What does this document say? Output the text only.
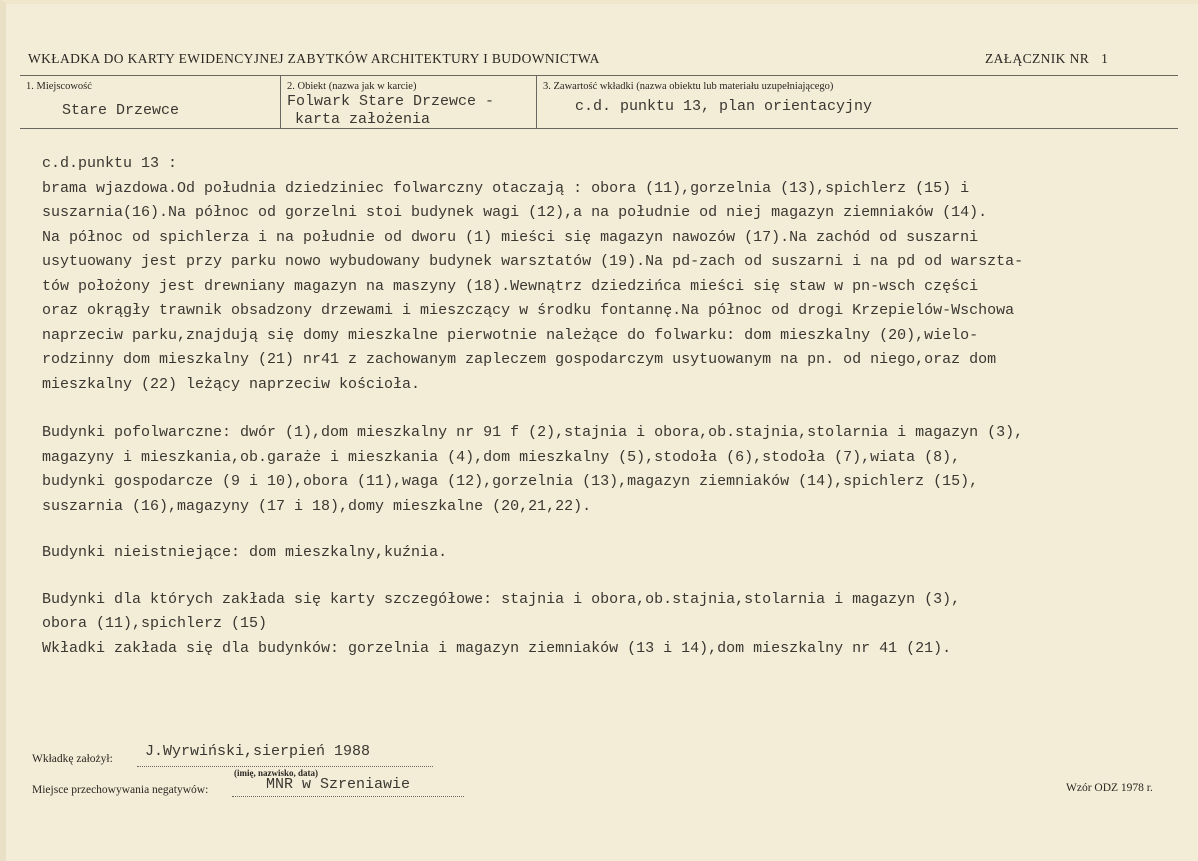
WKŁADKA DO KARTY EWIDENCYJNEJ ZABYTKÓW ARCHITEKTURY I BUDOWNICTWA	ZAŁĄCZNIK NR 1
1. Miejscowość
Stare Drzewce
2. Obiekt (nazwa jak w karcie)
Folwark Stare Drzewce -
karta założenia
3. Zawartość wkładki (nazwa obiektu lub materiału uzupełniającego)
c.d. punktu 13, plan orientacyjny

c.d.punktu 13 :
brama wjazdowa.Od południa dziedziniec folwarczny otaczają : obora (11),gorzelnia (13),spichlerz (15) i
suszarnia(16).Na północ od gorzelni stoi budynek wagi (12),a na południe od niej magazyn ziemniaków (14).
Na północ od spichlerza i na południe od dworu (1) mieści się magazyn nawozów (17).Na zachód od suszarni
usytuowany jest przy parku nowo wybudowany budynek warsztatów (19).Na pd-zach od suszarni i na pd od warszta-
tów położony jest drewniany magazyn na maszyny (18).Wewnątrz dziedzińca mieści się staw w pn-wsch części
oraz okrągły trawnik obsadzony drzewami i mieszczący w środku fontannę.Na północ od drogi Krzepielów-Wschowa
naprzeciw parku,znajdują się domy mieszkalne pierwotnie należące do folwarku: dom mieszkalny (20),wielo-
rodzinny dom mieszkalny (21) nr41 z zachowanym zapleczem gospodarczym usytuowanym na pn. od niego,oraz dom
mieszkalny (22) leżący naprzeciw kościoła.

Budynki pofolwarczne: dwór (1),dom mieszkalny nr 91 f (2),stajnia i obora,ob.stajnia,stolarnia i magazyn (3),
magazyny i mieszkania,ob.garaże i mieszkania (4),dom mieszkalny (5),stodoła (6),stodoła (7),wiata (8),
budynki gospodarcze (9 i 10),obora (11),waga (12),gorzelnia (13),magazyn ziemniaków (14),spichlerz (15),
suszarnia (16),magazyny (17 i 18),domy mieszkalne (20,21,22).

Budynki nieistniejące: dom mieszkalny,kuźnia.

Budynki dla których zakłada się karty szczegółowe: stajnia i obora,ob.stajnia,stolarnia i magazyn (3),
obora (11),spichlerz (15)
Wkładki zakłada się dla budynków: gorzelnia i magazyn ziemniaków (13 i 14),dom mieszkalny nr 41 (21).

Wkładkę założył: J.Wyrwiński,sierpień 1988
(imię, nazwisko, data)
Miejsce przechowywania negatywów:	MNR w Szreniawie	Wzór ODZ 1978 r.
